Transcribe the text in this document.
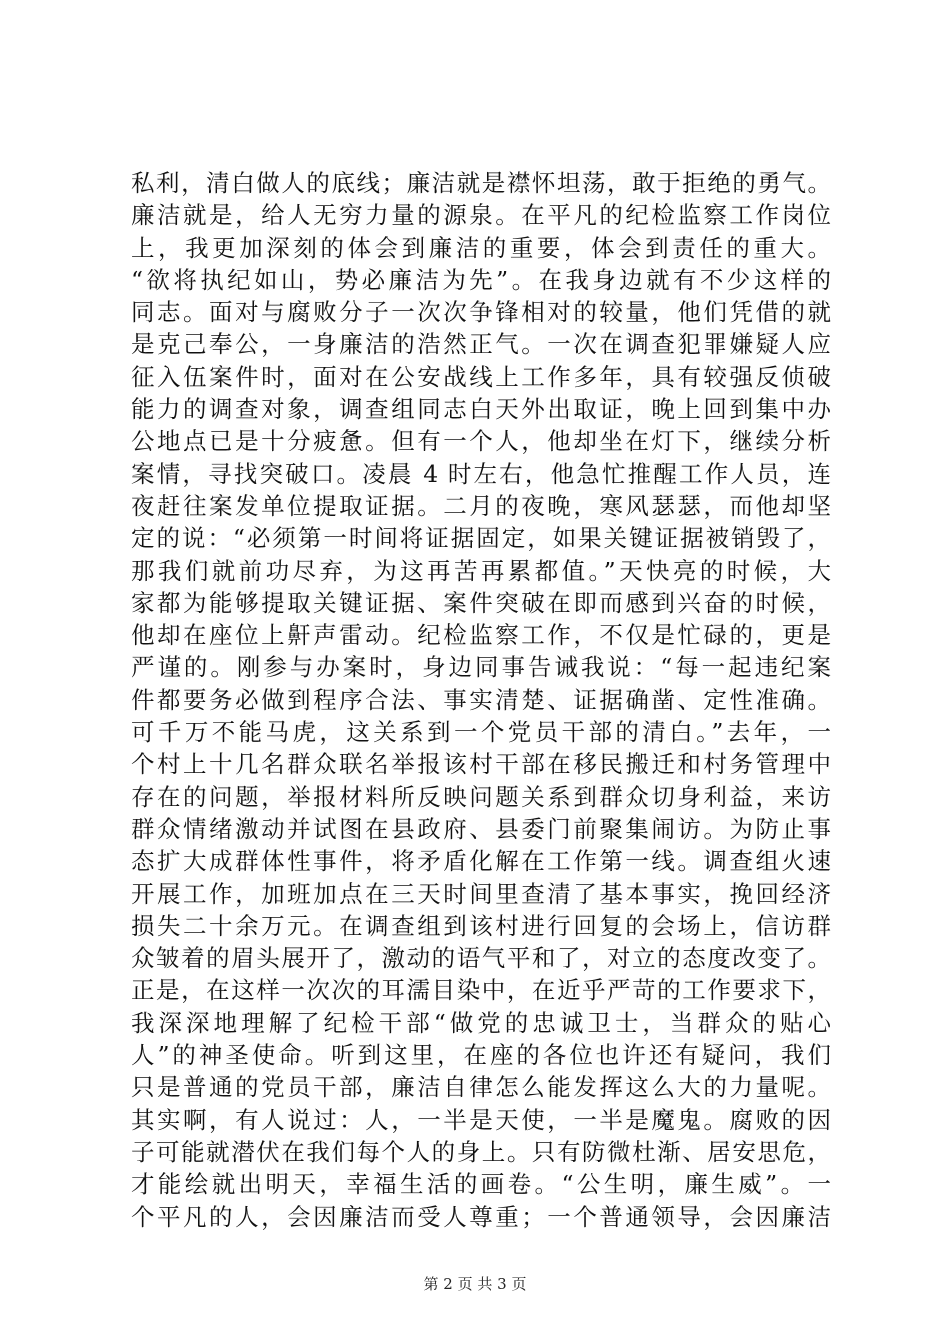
私利，清白做人的底线；廉洁就是襟怀坦荡，敢于拒绝的勇气。
廉洁就是，给人无穷力量的源泉。在平凡的纪检监察工作岗位
上，我更加深刻的体会到廉洁的重要，体会到责任的重大。
“欲将执纪如山，势必廉洁为先”。在我身边就有不少这样的
同志。面对与腐败分子一次次争锋相对的较量，他们凭借的就
是克己奉公，一身廉洁的浩然正气。一次在调查犯罪嫌疑人应
征入伍案件时，面对在公安战线上工作多年，具有较强反侦破
能力的调查对象，调查组同志白天外出取证，晚上回到集中办
公地点已是十分疲惫。但有一个人，他却坐在灯下，继续分析
案情，寻找突破口。凌晨 4 时左右，他急忙推醒工作人员，连
夜赶往案发单位提取证据。二月的夜晚，寒风瑟瑟，而他却坚
定的说：“必须第一时间将证据固定，如果关键证据被销毁了，
那我们就前功尽弃，为这再苦再累都值。”天快亮的时候，大
家都为能够提取关键证据、案件突破在即而感到兴奋的时候，
他却在座位上鼾声雷动。纪检监察工作，不仅是忙碌的，更是
严谨的。刚参与办案时，身边同事告诫我说：“每一起违纪案
件都要务必做到程序合法、事实清楚、证据确凿、定性准确。
可千万不能马虎，这关系到一个党员干部的清白。”去年，一
个村上十几名群众联名举报该村干部在移民搬迁和村务管理中
存在的问题，举报材料所反映问题关系到群众切身利益，来访
群众情绪激动并试图在县政府、县委门前聚集闹访。为防止事
态扩大成群体性事件，将矛盾化解在工作第一线。调查组火速
开展工作，加班加点在三天时间里查清了基本事实，挽回经济
损失二十余万元。在调查组到该村进行回复的会场上，信访群
众皱着的眉头展开了，激动的语气平和了，对立的态度改变了。
正是，在这样一次次的耳濡目染中，在近乎严苛的工作要求下，
我深深地理解了纪检干部“做党的忠诚卫士，当群众的贴心
人”的神圣使命。听到这里，在座的各位也许还有疑问，我们
只是普通的党员干部，廉洁自律怎么能发挥这么大的力量呢。
其实啊，有人说过：人，一半是天使，一半是魔鬼。腐败的因
子可能就潜伏在我们每个人的身上。只有防微杜渐、居安思危，
才能绘就出明天，幸福生活的画卷。“公生明，廉生威”。一
个平凡的人，会因廉洁而受人尊重；一个普通领导，会因廉洁
第 2 页 共 3 页
